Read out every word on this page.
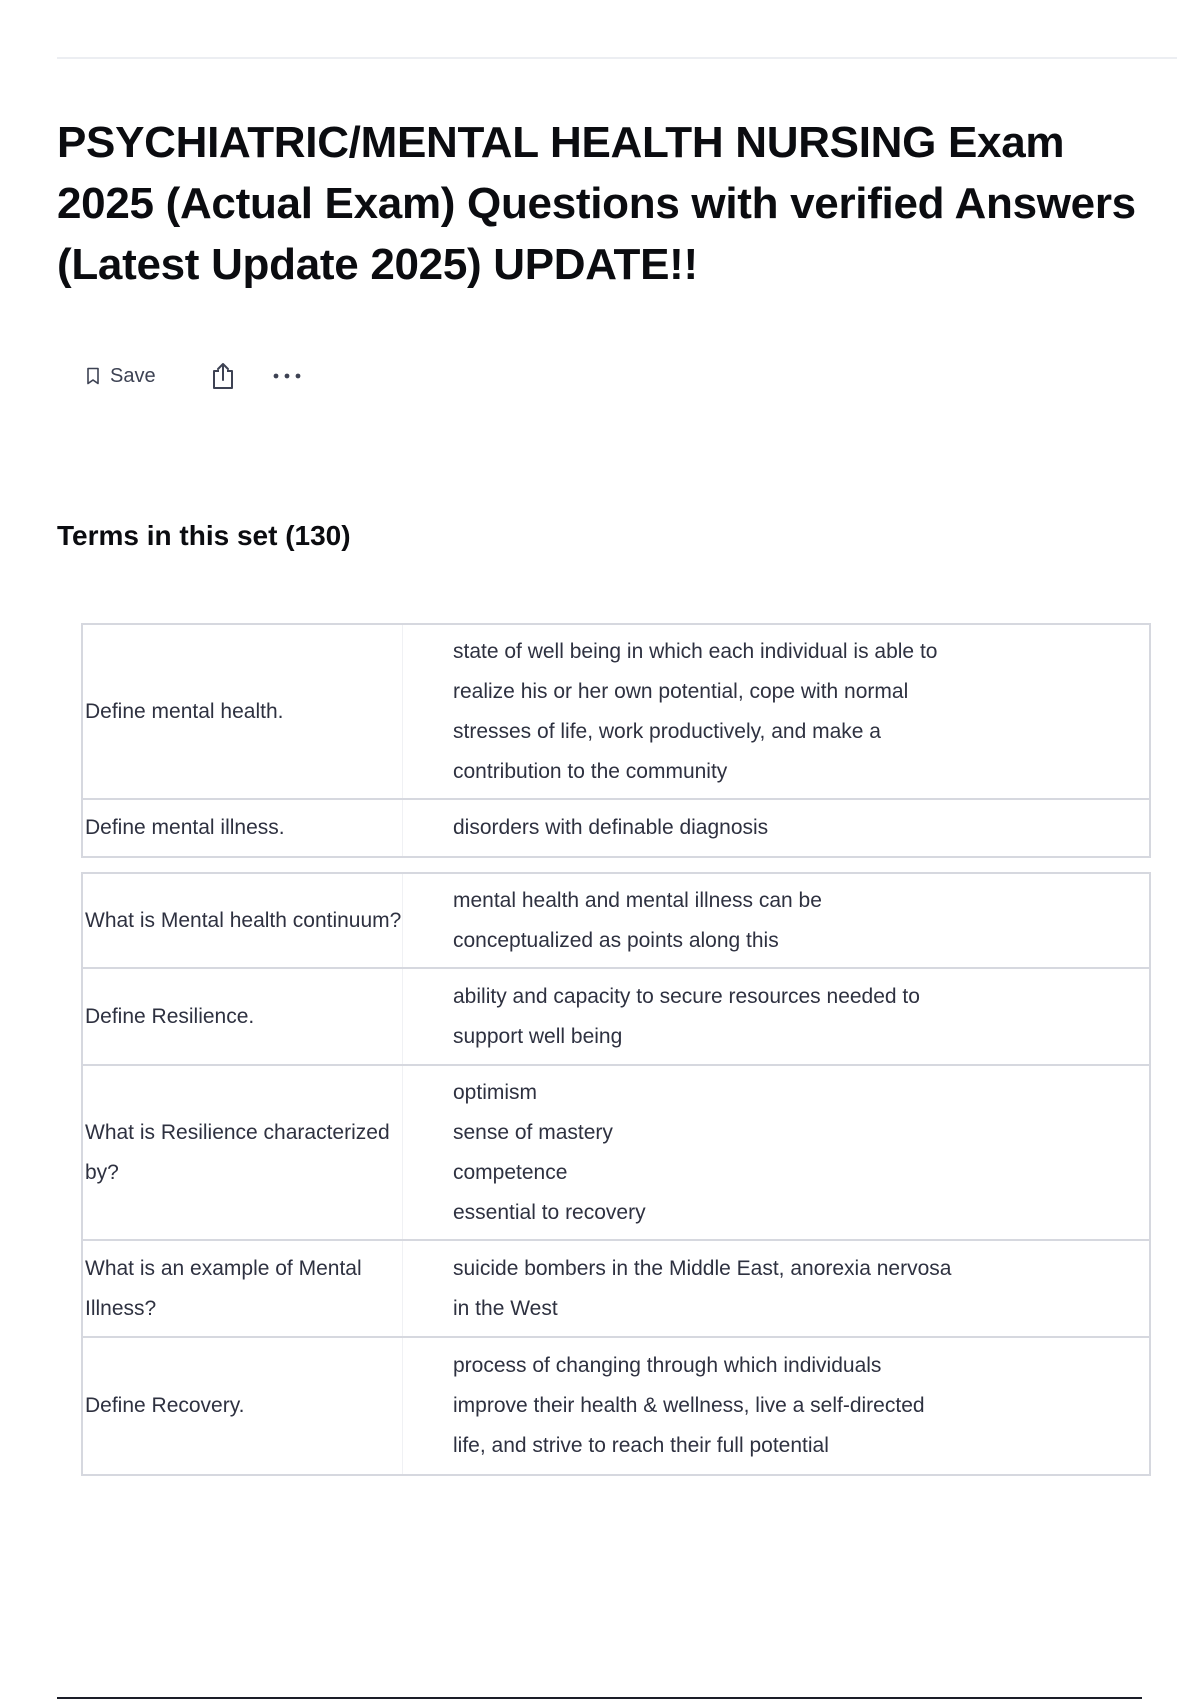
PSYCHIATRIC/MENTAL HEALTH NURSING Exam 2025 (Actual Exam) Questions with verified Answers (Latest Update 2025) UPDATE!!
Save
Terms in this set (130)
Define mental health.
state of well being in which each individual is able to
realize his or her own potential, cope with normal
stresses of life, work productively, and make a
contribution to the community
Define mental illness.	disorders with definable diagnosis
What is Mental health continuum?
mental health and mental illness can be
conceptualized as points along this
Define Resilience.
ability and capacity to secure resources needed to
support well being
What is Resilience characterized by?
optimism
sense of mastery
competence
essential to recovery
What is an example of Mental Illness?
suicide bombers in the Middle East, anorexia nervosa
in the West
Define Recovery.
process of changing through which individuals
improve their health & wellness, live a self-directed
life, and strive to reach their full potential
